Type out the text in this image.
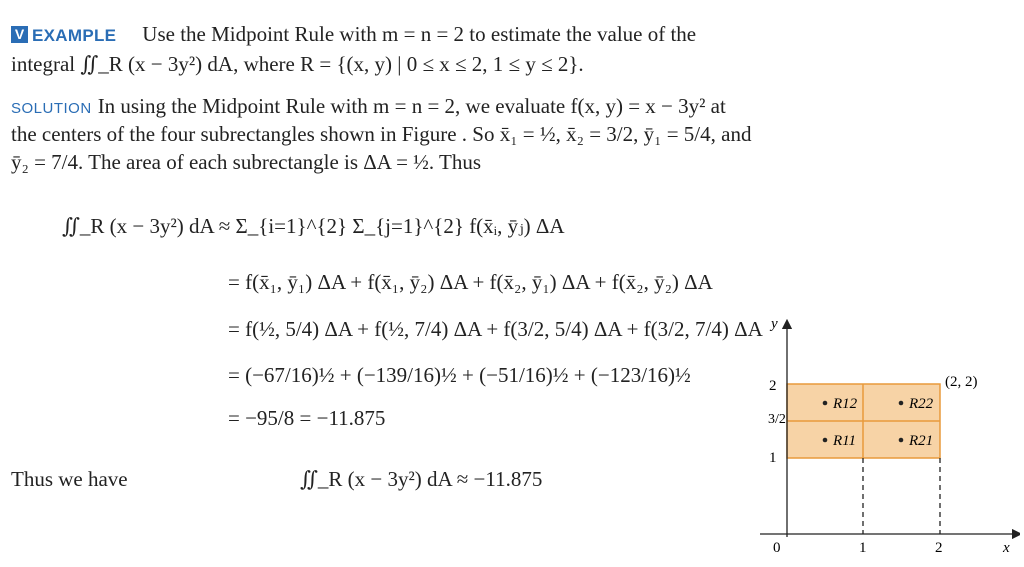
V EXAMPLE Use the Midpoint Rule with m = n = 2 to estimate the value of the
integral ∬_R (x − 3y²) dA, where R = {(x, y) | 0 ≤ x ≤ 2, 1 ≤ y ≤ 2}.
SOLUTION In using the Midpoint Rule with m = n = 2, we evaluate f(x, y) = x − 3y² at
the centers of the four subrectangles shown in Figure . So x̄₁ = ½, x̄₂ = 3/2, ȳ₁ = 5/4, and
ȳ₂ = 7/4. The area of each subrectangle is ΔA = ½. Thus
∬_R (x − 3y²) dA ≈ Σ_{i=1}^{2} Σ_{j=1}^{2} f(x̄ᵢ, ȳⱼ) ΔA
= f(x̄₁, ȳ₁) ΔA + f(x̄₁, ȳ₂) ΔA + f(x̄₂, ȳ₁) ΔA + f(x̄₂, ȳ₂) ΔA
= f(½, 5/4) ΔA + f(½, 7/4) ΔA + f(3/2, 5/4) ΔA + f(3/2, 7/4) ΔA
= (−67/16)½ + (−139/16)½ + (−51/16)½ + (−123/16)½
= −95/8 = −11.875
Thus we have	∬_R (x − 3y²) dA ≈ −11.875
y
x
0	1	2
1
3/2
2	(2, 2)
R12	R22
R11	R21
